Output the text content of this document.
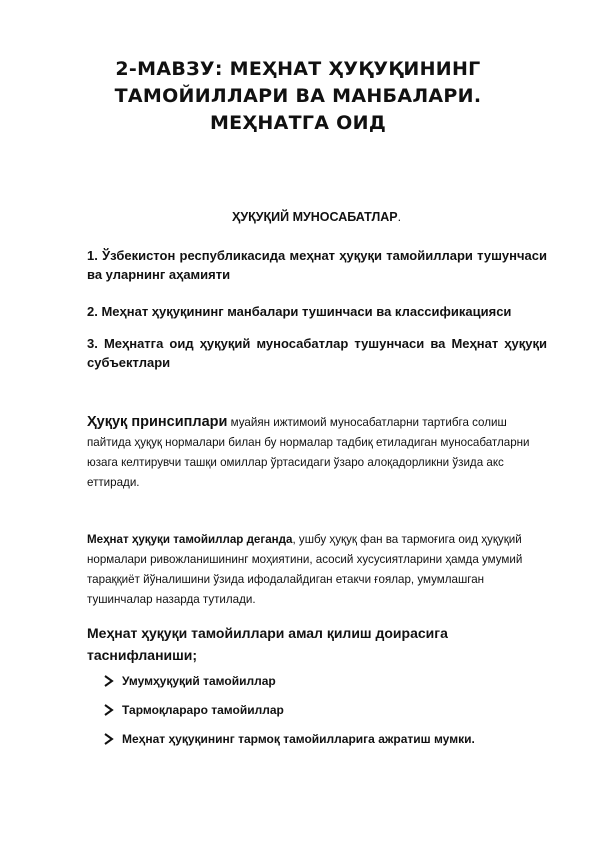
2-МАВЗУ: МЕҲНАТ ҲУҚУҚИНИНГ
ТАМОЙИЛЛАРИ ВА МАНБАЛАРИ.
МЕҲНАТГА ОИД
ҲУҚУҚИЙ МУНОСАБАТЛАР.
1. Ўзбекистон республикасида меҳнат ҳуқуқи тамойиллари тушунчаси ва уларнинг аҳамияти
2. Меҳнат ҳуқуқининг манбалари тушинчаси ва классификацияси
3. Меҳнатга оид ҳуқуқий муносабатлар тушунчаси ва Меҳнат ҳуқуқи субъектлари
Ҳуқуқ принсиплари муайян ижтимоий муносабатларни тартибга солиш пайтида ҳуқуқ нормалари билан бу нормалар тадбиқ етиладиган муносабатларни юзага келтирувчи ташқи омиллар ўртасидаги ўзаро алоқадорликни ўзида акс еттиради.
Меҳнат ҳуқуқи тамойиллар деганда, ушбу ҳуқуқ фан ва тармоғига оид ҳуқуқий нормалари ривожланишининг моҳиятини, асосий хусусиятларини ҳамда умумий тараққиёт йўналишини ўзида ифодалайдиган етакчи ғоялар, умумлашган тушинчалар назарда тутилади.
Меҳнат ҳуқуқи тамойиллари амал қилиш доирасига таснифланиши;
Умумҳуқуқий тамойиллар
Тармоқлараро тамойиллар
Меҳнат ҳуқуқининг тармоқ тамойилларига ажратиш мумки.
